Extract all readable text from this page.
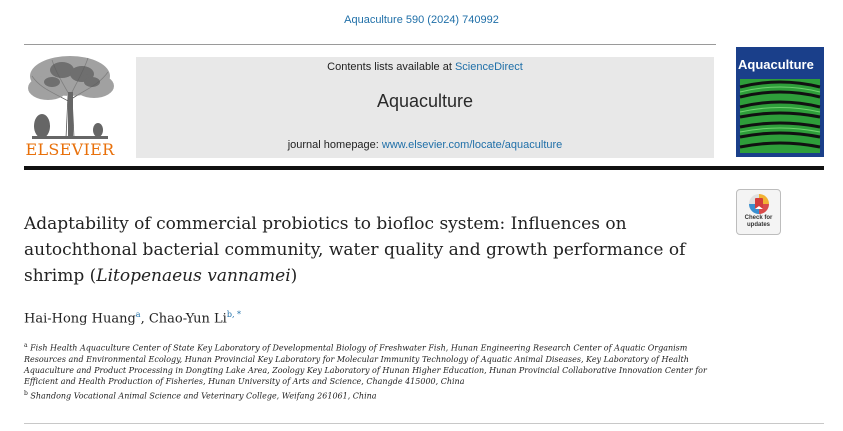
Aquaculture 590 (2024) 740992
ELSEVIER
Contents lists available at ScienceDirect
Aquaculture
journal homepage: www.elsevier.com/locate/aquaculture
Aquaculture
Check for
updates
Adaptability of commercial probiotics to biofloc system: Influences on autochthonal bacterial community, water quality and growth performance of shrimp (Litopenaeus vannamei)
Hai-Hong Huang$^a$, Chao-Yun $Li^{b, *}$
$^a$ Fish Health Aquaculture Center of State Key Laboratory of Developmental Biology of Freshwater Fish, Hunan Engineering Research Center of Aquatic Organism Resources and Environmental Ecology, Hunan Provincial Key Laboratory for Molecular Immunity Technology of Aquatic Animal Diseases, Key Laboratory of Health Aquaculture and Product Processing in Dongting Lake Area, Zoology Key Laboratory of Hunan Higher Education, Hunan Provincial Collaborative Innovation Center for Efficient and Health Production of Fisheries, Hunan University of Arts and Science, Changde 415000, China
$^b$ Shandong Vocational Animal Science and Veterinary College, Weifang 261061, China
